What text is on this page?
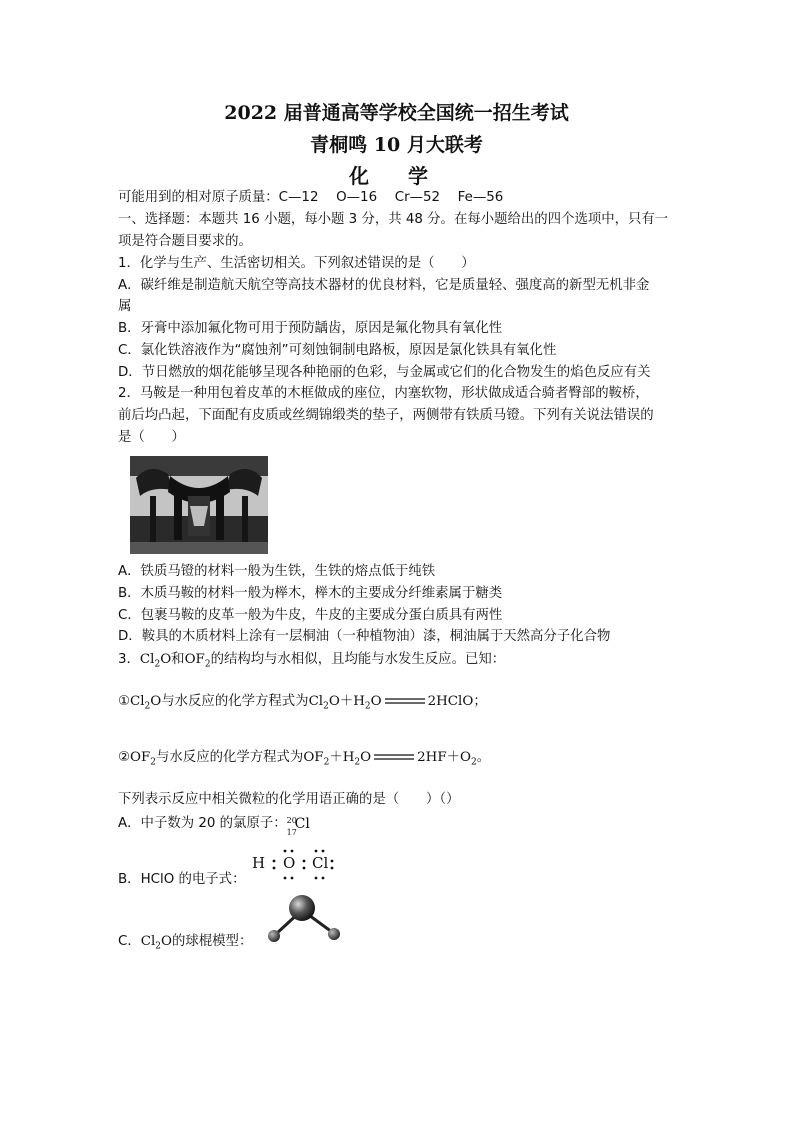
2022 届普通高等学校全国统一招生考试
青桐鸣 10 月大联考
化 学
可能用到的相对原子质量：C—12　 O—16　 Cr—52　 Fe—56
一、选择题：本题共 16 小题，每小题 3 分，共 48 分。在每小题给出的四个选项中，只有一
项是符合题目要求的。
1．化学与生产、生活密切相关。下列叙述错误的是（　　）
A．碳纤维是制造航天航空等高技术器材的优良材料，它是质量轻、强度高的新型无机非金
属
B．牙膏中添加氟化物可用于预防龋齿，原因是氟化物具有氧化性
C．氯化铁溶液作为“腐蚀剂”可刻蚀铜制电路板，原因是氯化铁具有氧化性
D．节日燃放的烟花能够呈现各种艳丽的色彩，与金属或它们的化合物发生的焰色反应有关
2．马鞍是一种用包着皮革的木框做成的座位，内塞软物，形状做成适合骑者臀部的鞍桥，
前后均凸起，下面配有皮质或丝绸锦缎类的垫子，两侧带有铁质马镫。下列有关说法错误的
是（　　）
A．铁质马镫的材料一般为生铁，生铁的熔点低于纯铁
B．木质马鞍的材料一般为榉木，榉木的主要成分纤维素属于糖类
C．包裹马鞍的皮革一般为牛皮，牛皮的主要成分蛋白质具有两性
D．鞍具的木质材料上涂有一层桐油（一种植物油）漆，桐油属于天然高分子化合物
3．$Cl_2O$和$OF_2$的结构均与水相似，且均能与水发生反应。已知：
$①Cl_2O$与水反应的化学方程式为$Cl_2O+H_2O$	2HClO；
$②OF_2$与水反应的化学方程式为$OF_2+H_2O$	$2HF+O_2$。
下列表示反应中相关微粒的化学用语正确的是（　　）（）
A．中子数为 20 的氯原子： 20
17
Cl
H O Cl
B．HClO 的电子式：
C．$Cl_2O$的球棍模型：
